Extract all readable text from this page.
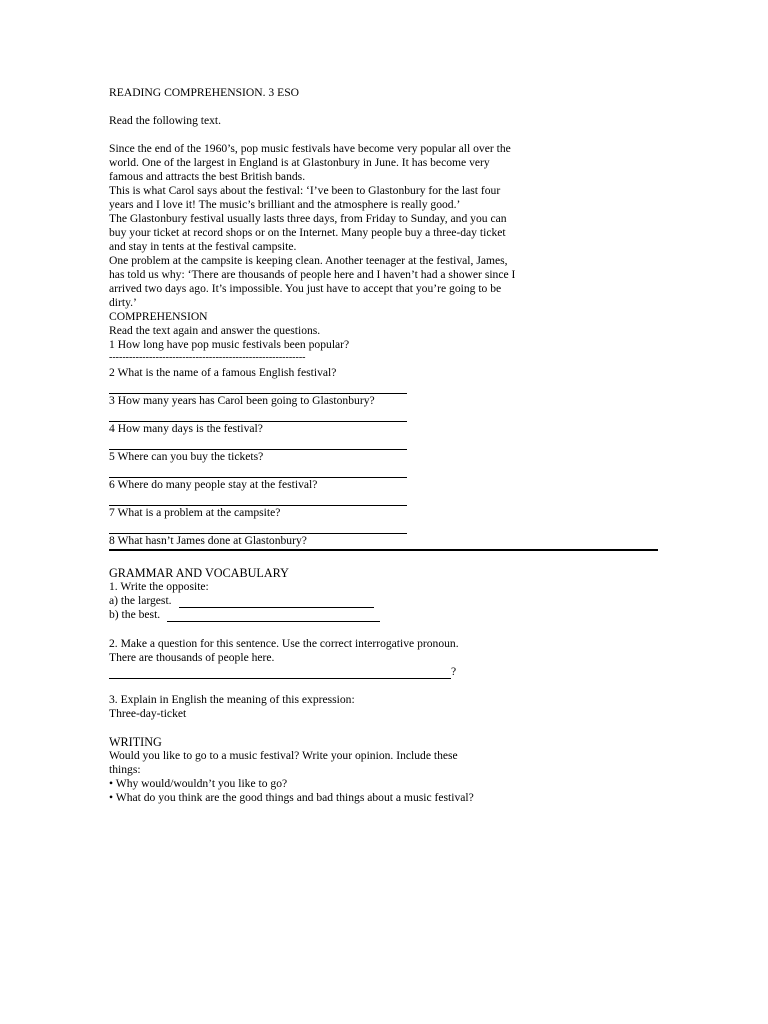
READING COMPREHENSION. 3 ESO
Read the following text.
Since the end of the 1960’s, pop music festivals have become very popular all over the
world. One of the largest in England is at Glastonbury in June. It has become very
famous and attracts the best British bands.
This is what Carol says about the festival: ‘I’ve been to Glastonbury for the last four
years and I love it! The music’s brilliant and the atmosphere is really good.’
The Glastonbury festival usually lasts three days, from Friday to Sunday, and you can
buy your ticket at record shops or on the Internet. Many people buy a three-day ticket
and stay in tents at the festival campsite.
One problem at the campsite is keeping clean. Another teenager at the festival, James,
has told us why: ‘There are thousands of people here and I haven’t had a shower since I
arrived two days ago. It’s impossible. You just have to accept that you’re going to be
dirty.’
COMPREHENSION
Read the text again and answer the questions.
1 How long have pop music festivals been popular?
-----------------------------------------------------------
2 What is the name of a famous English festival?
3 How many years has Carol been going to Glastonbury?
4 How many days is the festival?
5 Where can you buy the tickets?
6 Where do many people stay at the festival?
7 What is a problem at the campsite?
8 What hasn’t James done at Glastonbury?
GRAMMAR AND VOCABULARY
1. Write the opposite:
a) the largest.
b) the best.
2. Make a question for this sentence. Use the correct interrogative pronoun.
There are thousands of people here.
?
3. Explain in English the meaning of this expression:
Three-day-ticket
WRITING
Would you like to go to a music festival? Write your opinion. Include these
things:
• Why would/wouldn’t you like to go?
• What do you think are the good things and bad things about a music festival?
